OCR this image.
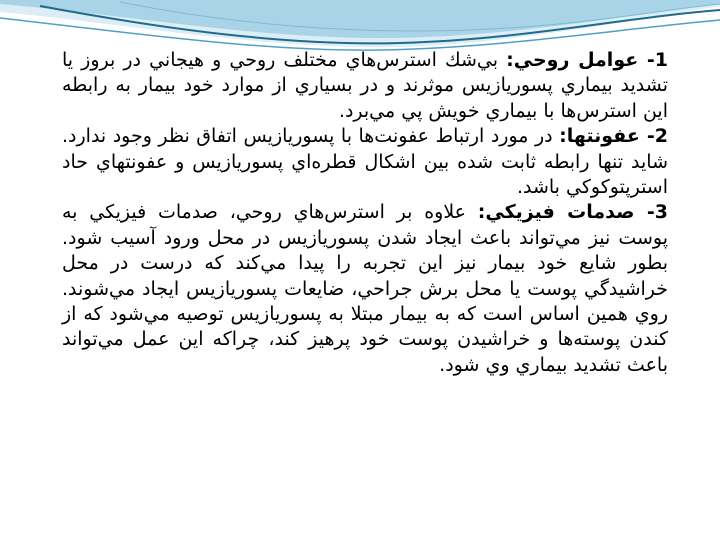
1- عوامل روحي: بي‌شك استرس‌هاي مختلف روحي و هيجاني در بروز يا تشديد بيماري پسوريازيس موثرند و در بسياري از موارد خود بيمار به رابطه اين استرس‌ها با بيماري خويش پي مي‌برد.

2- عفونتها: در مورد ارتباط عفونت‌ها با پسوريازيس اتفاق نظر وجود ندارد. شايد تنها رابطه ثابت شده بين اشكال قطره‌اي پسوريازيس و عفونتهاي حاد استرپتوكوكي باشد.

3- صدمات فيزيكي: علاوه بر استرس‌هاي روحي، صدمات فيزيكي به پوست نيز مي‌تواند باعث ايجاد شدن پسوريازيس در محل ورود آسيب شود. بطور شايع خود بيمار نيز اين تجربه را پيدا مي‌كند كه درست در محل خراشيدگي پوست يا محل برش جراحي، ضايعات پسوريازيس ايجاد مي‌شوند. روي همين اساس است كه به بيمار مبتلا به پسوريازيس توصيه مي‌شود كه از كندن پوسته‌ها و خراشيدن پوست خود پرهيز كند، چراكه اين عمل مي‌تواند باعث تشديد بيماري وي شود.
